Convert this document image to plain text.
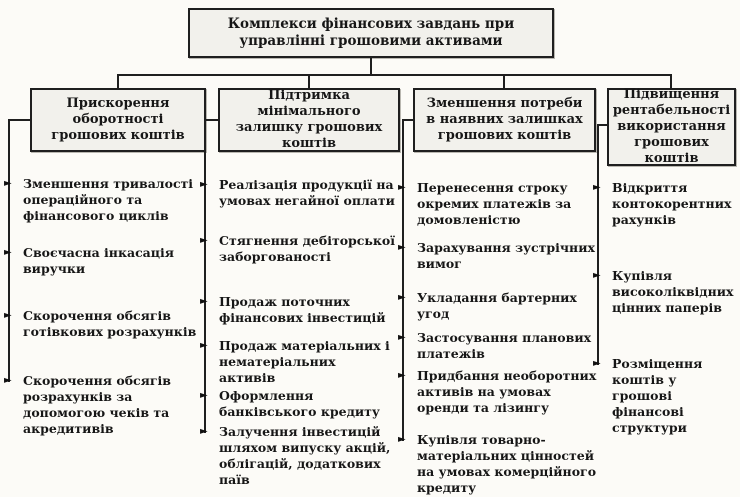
Комплекси фінансових завдань при управлінні грошовими активами
Прискорення оборотності грошових коштів
Підтримка мінімального залишку грошових коштів
Зменшення потреби в наявних залишках грошових коштів
Підвищення рентабельності використання грошових коштів
► Зменшення тривалості операційного та фінансового циклів
► Своєчасна інкасація виручки
► Скорочення обсягів готівкових розрахунків
► Скорочення обсягів розрахунків за допомогою чеків та акредитивів
► Реалізація продукції на умовах негайної оплати
► Стягнення дебіторської заборгованості
► Продаж поточних фінансових інвестицій
► Продаж матеріальних і нематеріальних активів
► Оформлення банківського кредиту
► Залучення інвестицій шляхом випуску акцій, облігацій, додаткових паїв
► Перенесення строку окремих платежів за домовленістю
► Зарахування зустрічних вимог
► Укладання бартерних угод
► Застосування планових платежів
► Придбання необоротних активів на умовах оренди та лізингу
► Купівля товарно-матеріальних цінностей на умовах комерційного кредиту
► Відкриття контокорентних рахунків
► Купівля високоліквідних цінних паперів
► Розміщення коштів у грошові фінансові структури
